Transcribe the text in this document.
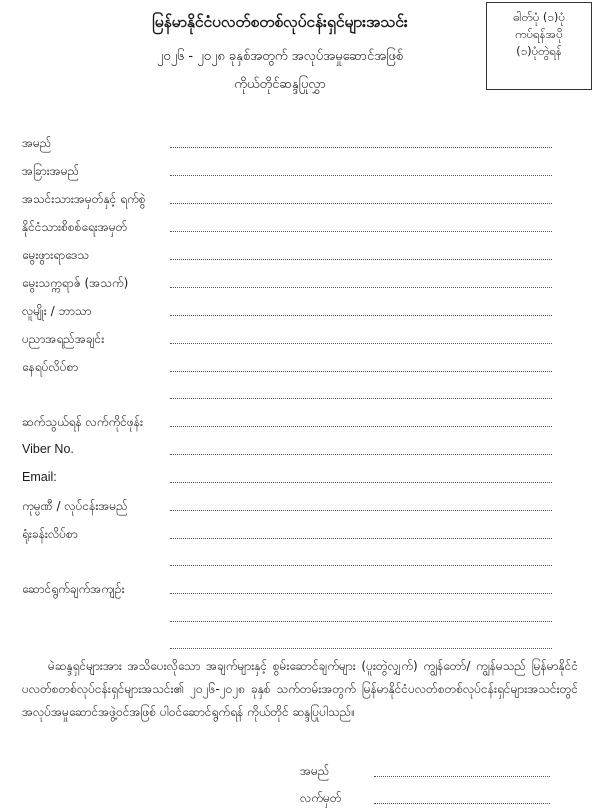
မြန်မာနိုင်ငံပလတ်စတစ်လုပ်ငန်းရှင်များအသင်း
၂၀၂၆ - ၂၀၂၈ ခုနှစ်အတွက် အလုပ်အမှုဆောင်အဖြစ်
ကိုယ်တိုင်ဆန္ဒပြုလွှာ
ဓါတ်ပုံ (၁)ပုံ
ကပ်ရန်အပို
(၁)ပုံတွဲရန်
အမည်
အခြားအမည်
အသင်းသားအမှတ်နှင့် ရက်စွဲ
နိုင်ငံသားစိစစ်ရေးအမှတ်
မွေးဖွားရာဒေသ
မွေးသက္ကရာဇ် (အသက်)
လူမျိုး / ဘာသာ
ပညာအရည်အချင်း
နေရပ်လိပ်စာ
ဆက်သွယ်ရန် လက်ကိုင်ဖုန်း
Viber No.
Email:
ကုမ္ပဏီ / လုပ်ငန်းအမည်
ရုံးခန်းလိပ်စာ
ဆောင်ရွက်ချက်အကျဉ်း

မဲဆန္ဒရှင်များအား အသိပေးလိုသော အချက်များနှင့် စွမ်းဆောင်ချက်များ (ပူးတွဲလျှက်) ကျွန်တော်/ ကျွန်မသည် မြန်မာနိုင်ငံပလတ်စတစ်လုပ်ငန်းရှင်များအသင်း၏ ၂၀၂၆-၂၀၂၈ ခုနှစ် သက်တမ်းအတွက် မြန်မာနိုင်ငံပလတ်စတစ်လုပ်ငန်းရှင်များအသင်းတွင် အလုပ်အမှုဆောင်အဖွဲ့ဝင်အဖြစ် ပါဝင်ဆောင်ရွက်ရန် ကိုယ်တိုင် ဆန္ဒပြုပါသည်။

အမည်
လက်မှတ်
